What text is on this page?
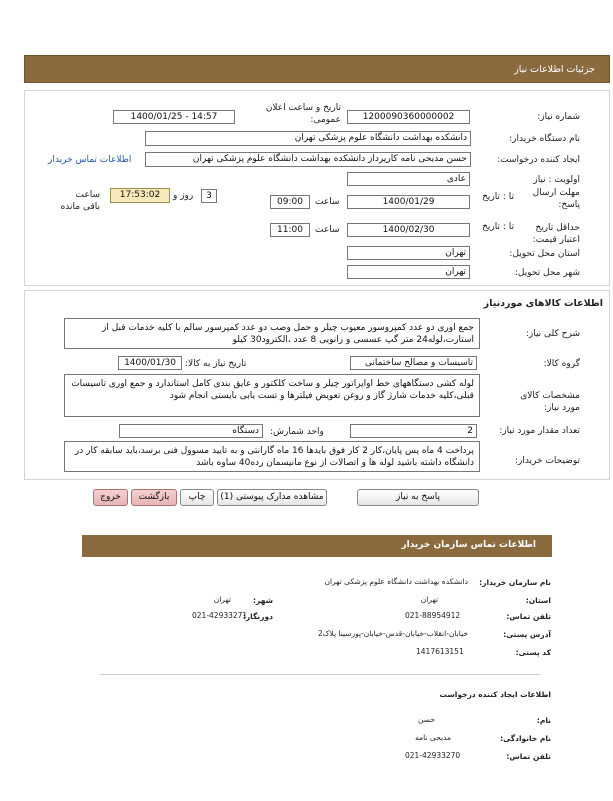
جزئیات اطلاعات نیاز
شماره نیاز:
1200090360000002
تاریخ و ساعت اعلان عمومی:
1400/01/25 - 14:57
نام دستگاه خریدار:
دانشکده بهداشت دانشگاه علوم پزشکی تهران
ایجاد کننده درخواست:
حسن مدیحی نامه کارپرداز دانشکده بهداشت دانشگاه علوم پزشکی تهران
اطلاعات تماس خریدار
اولویت : نیاز
عادی
مهلت ارسال پاسخ:
تا : تاریخ
1400/01/29
ساعت
09:00
3
روز و
17:53:02
ساعت باقی مانده
حداقل تاریخ اعتبار قیمت:
تا : تاریخ
1400/02/30
ساعت
11:00
استان محل تحویل:
تهران
شهر محل تحویل:
تهران
اطلاعات کالاهای موردنیاز
شرح کلی نیاز:
جمع اوری دو عدد کمپروسور معیوب چیلر و حمل وصب دو عدد کمپرسور سالم با کلیه خدمات قبل از استارت،لوله24 متر گپ عسسی و زانویی 8 عدد ،الکترود30 کیلو
گروه کالا:
تاسیسات و مصالح ساختمانی
تاریخ نیاز به کالا:
1400/01/30
مشخصات کالای مورد نیاز:
لوله کشی دستگاههای خط اواپراتور چیلر و ساخت کلکتور و عایق بندی کامل استاندارد و جمع اوری تاسیسات قبلی،کلیه خدمات شارژ گاز و روغن تعویض فیلترها و تست یابی بایستی انجام شود
تعداد مقدار مورد نیاز:
2
واحد شمارش:
دستگاه
توضیحات خریدار:
پرداخت 4 ماه پس پایان،کار 2 کار فوق بایدها 16 ماه گارانتی و به تایید مسوول فنی برسد،باید سابقه کار در دانشگاه داشته باشید لوله ها و اتصالات از نوع مانیسمان رده40 ساوه باشد
پاسخ به نیاز
مشاهده مدارک پیوستی (1)
چاپ
بازگشت
خروج
اطلاعات تماس سازمان خریدار
نام سازمان خریدار:
دانشکده بهداشت دانشگاه علوم پزشکی تهران
استان:
تهران
شهر:
تهران
تلفن تماس:
021-88954912
دورنگار:
021-42933271
آدرس پستی:
خیابان-انقلاب-خیابان-قدس-خیابان-پورسینا پلاک2
کد پستی:
1417613151
اطلاعات ایجاد کننده درخواست
نام:
حسن
نام خانوادگی:
مدیحی نامه
تلفن تماس:
021-42933270
